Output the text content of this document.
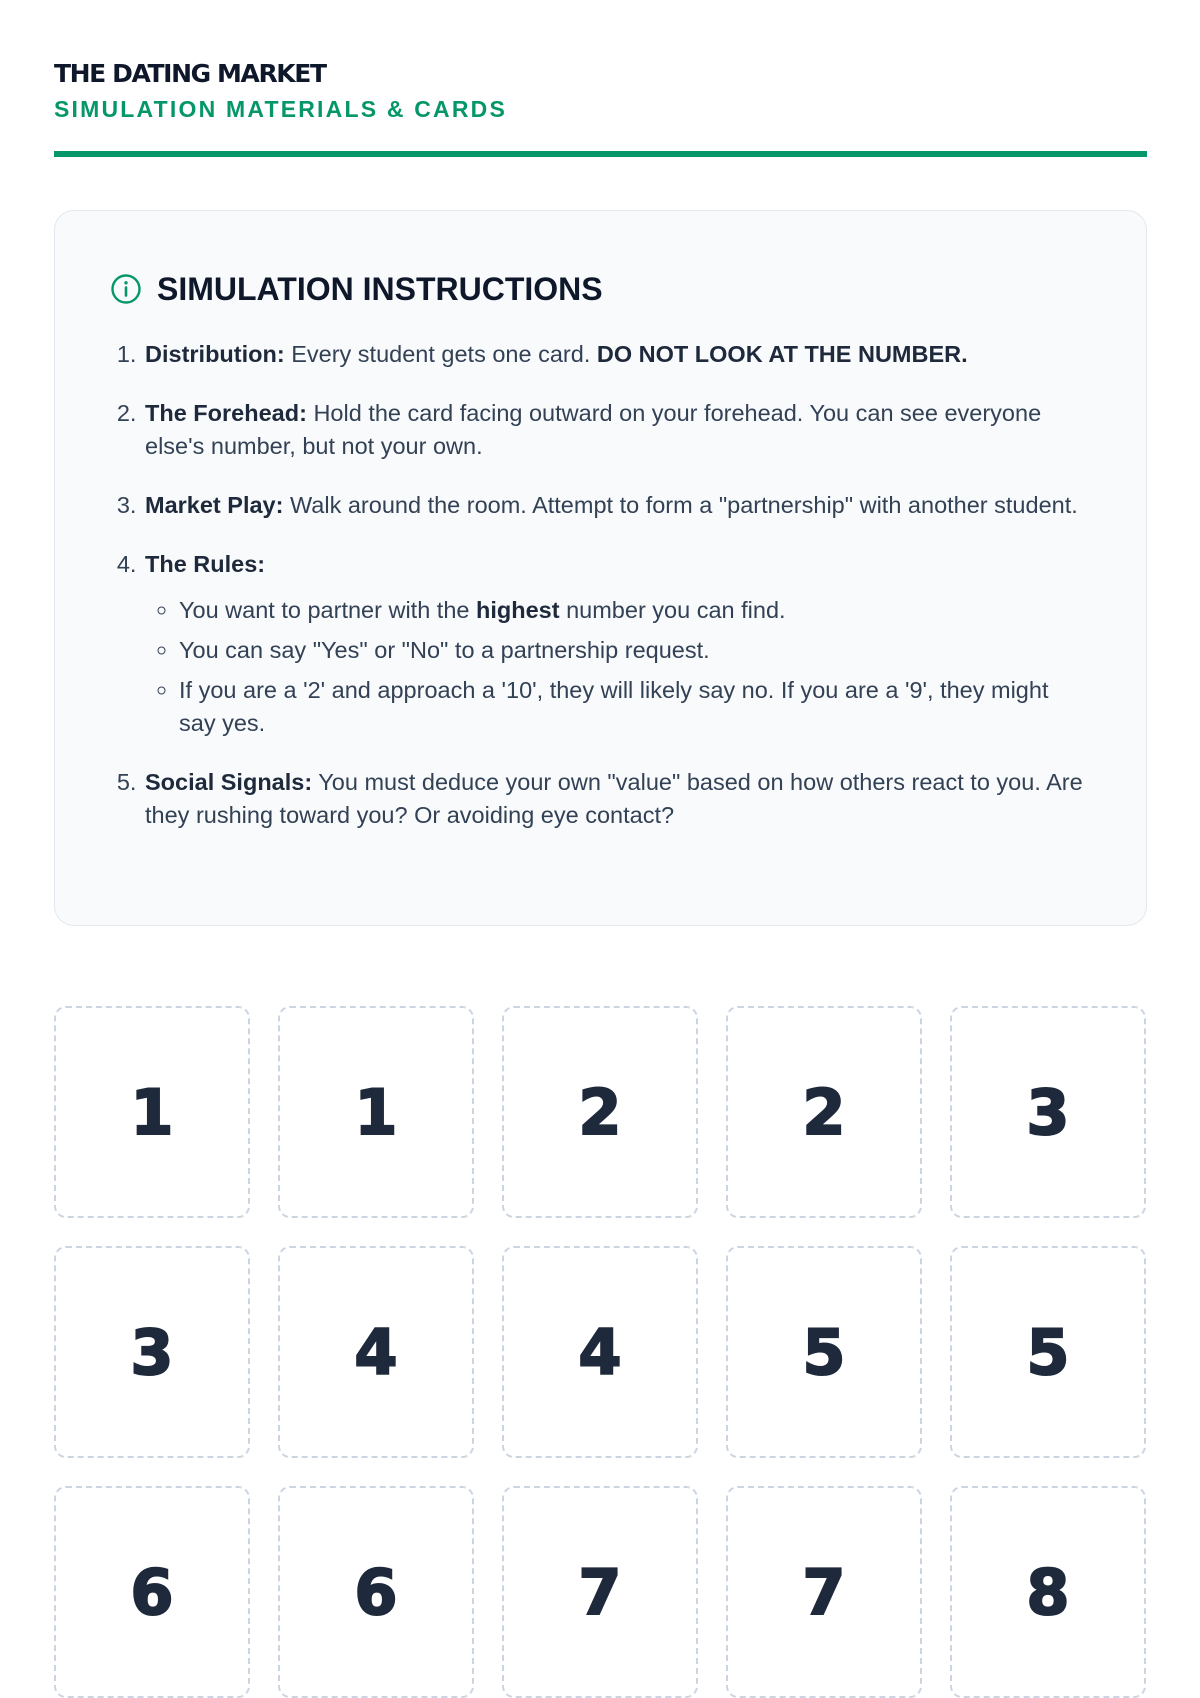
THE DATING MARKET
SIMULATION MATERIALS & CARDS
SIMULATION INSTRUCTIONS
1. Distribution: Every student gets one card. DO NOT LOOK AT THE NUMBER.
2. The Forehead: Hold the card facing outward on your forehead. You can see everyone else's number, but not your own.
3. Market Play: Walk around the room. Attempt to form a "partnership" with another student.
4. The Rules:
◦ You want to partner with the highest number you can find.
◦ You can say "Yes" or "No" to a partnership request.
◦ If you are a '2' and approach a '10', they will likely say no. If you are a '9', they might say yes.
5. Social Signals: You must deduce your own "value" based on how others react to you. Are they rushing toward you? Or avoiding eye contact?
1	1	2	2	3
3	4	4	5	5
6	6	7	7	8
